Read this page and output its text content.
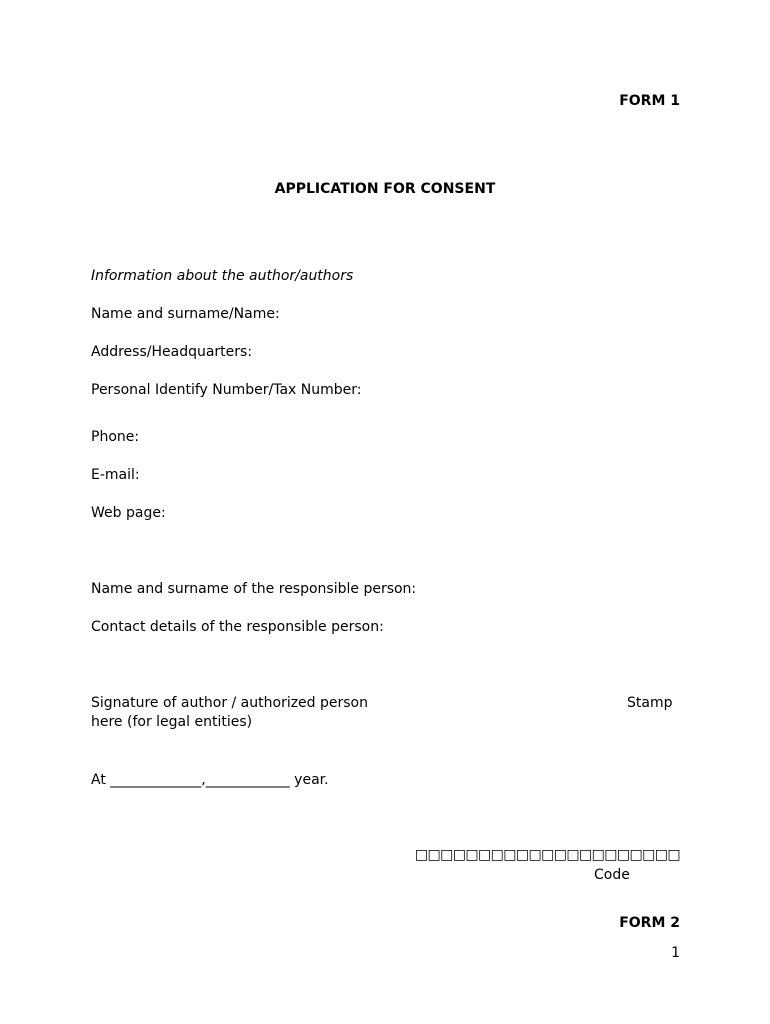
FORM 1
APPLICATION FOR CONSENT
Information about the author/authors
Name and surname/Name:
Address/Headquarters:
Personal Identify Number/Tax Number:
Phone:
E-mail:
Web page:
Name and surname of the responsible person:
Contact details of the responsible person:
Signature of author / authorized person
here (for legal entities)
Stamp
At _____________,____________ year.
□□□□□□□□□□□□□□□□□□□□□
Code
FORM 2
1
